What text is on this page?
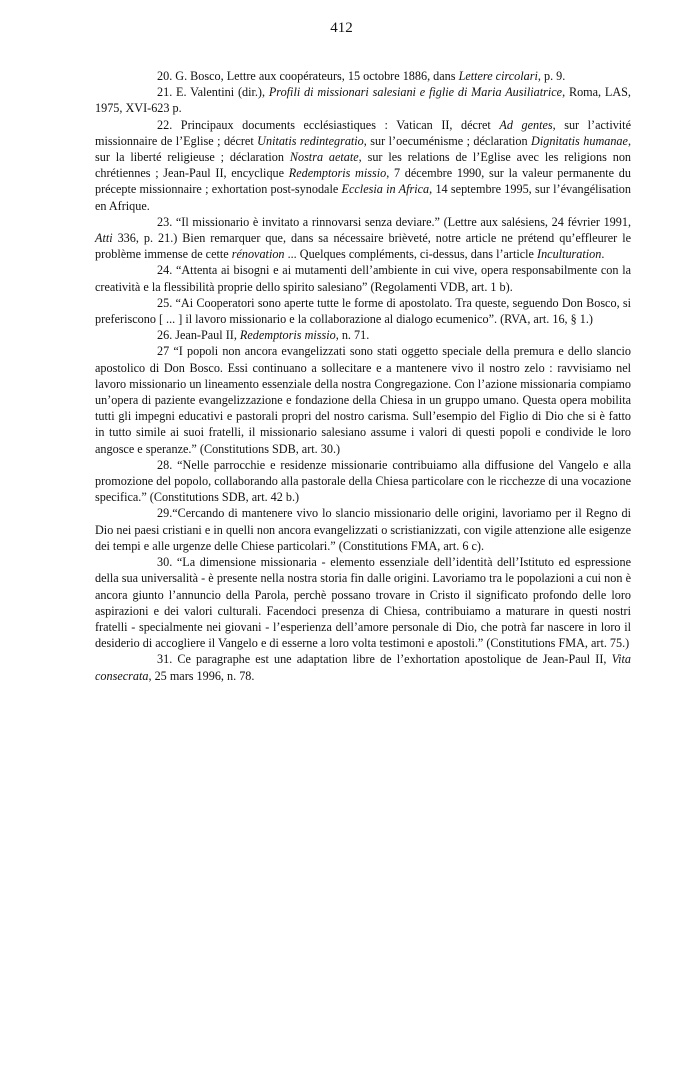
412

20. G. Bosco, Lettre aux coopérateurs, 15 octobre 1886, dans Lettere circolari, p. 9.

21. E. Valentini (dir.), Profili di missionari salesiani e figlie di Maria Ausiliatrice, Roma, LAS, 1975, XVI-623 p.

22. Principaux documents ecclésiastiques : Vatican II, décret Ad gentes, sur l’activité missionnaire de l’Eglise ; décret Unitatis redintegratio, sur l’oecuménisme ; déclaration Dignitatis humanae, sur la liberté religieuse ; déclaration Nostra aetate, sur les relations de l’Eglise avec les religions non chrétiennes ; Jean-Paul II, encyclique Redemptoris missio, 7 décembre 1990, sur la valeur permanente du précepte missionnaire ; exhortation post-synodale Ecclesia in Africa, 14 septembre 1995, sur l’évangélisation en Afrique.

23. “Il missionario è invitato a rinnovarsi senza deviare.” (Lettre aux salésiens, 24 février 1991, Atti 336, p. 21.) Bien remarquer que, dans sa nécessaire brièveté, notre article ne prétend qu’effleurer le problème immense de cette rénovation ... Quelques compléments, ci-dessus, dans l’article Inculturation.

24. “Attenta ai bisogni e ai mutamenti dell’ambiente in cui vive, opera responsabilmente con la creatività e la flessibilità proprie dello spirito salesiano” (Regolamenti VDB, art. 1 b).

25. “Ai Cooperatori sono aperte tutte le forme di apostolato. Tra queste, seguendo Don Bosco, si preferiscono [ ... ] il lavoro missionario e la collaborazione al dialogo ecumenico”. (RVA, art. 16, § 1.)

26. Jean-Paul II, Redemptoris missio, n. 71.

27 “I popoli non ancora evangelizzati sono stati oggetto speciale della premura e dello slancio apostolico di Don Bosco. Essi continuano a sollecitare e a mantenere vivo il nostro zelo : ravvisiamo nel lavoro missionario un lineamento essenziale della nostra Congregazione. Con l’azione missionaria compiamo un’opera di paziente evangelizzazione e fondazione della Chiesa in un gruppo umano. Questa opera mobilita tutti gli impegni educativi e pastorali propri del nostro carisma. Sull’esempio del Figlio di Dio che si è fatto in tutto simile ai suoi fratelli, il missionario salesiano assume i valori di questi popoli e condivide le loro angosce e speranze.” (Constitutions SDB, art. 30.)

28. “Nelle parrocchie e residenze missionarie contribuiamo alla diffusione del Vangelo e alla promozione del popolo, collaborando alla pastorale della Chiesa particolare con le ricchezze di una vocazione specifica.” (Constitutions SDB, art. 42 b.)

29.“Cercando di mantenere vivo lo slancio missionario delle origini, lavoriamo per il Regno di Dio nei paesi cristiani e in quelli non ancora evangelizzati o scristianizzati, con vigile attenzione alle esigenze dei tempi e alle urgenze delle Chiese particolari.” (Constitutions FMA, art. 6 c).

30. “La dimensione missionaria - elemento essenziale dell’identità dell’Istituto ed espressione della sua universalità - è presente nella nostra storia fin dalle origini. Lavoriamo tra le popolazioni a cui non è ancora giunto l’annuncio della Parola, perchè possano trovare in Cristo il significato profondo delle loro aspirazioni e dei valori culturali. Facendoci presenza di Chiesa, contribuiamo a maturare in questi nostri fratelli - specialmente nei giovani - l’esperienza dell’amore personale di Dio, che potrà far nascere in loro il desiderio di accogliere il Vangelo e di esserne a loro volta testimoni e apostoli.” (Constitutions FMA, art. 75.)

31. Ce paragraphe est une adaptation libre de l’exhortation apostolique de Jean-Paul II, Vita consecrata, 25 mars 1996, n. 78.
